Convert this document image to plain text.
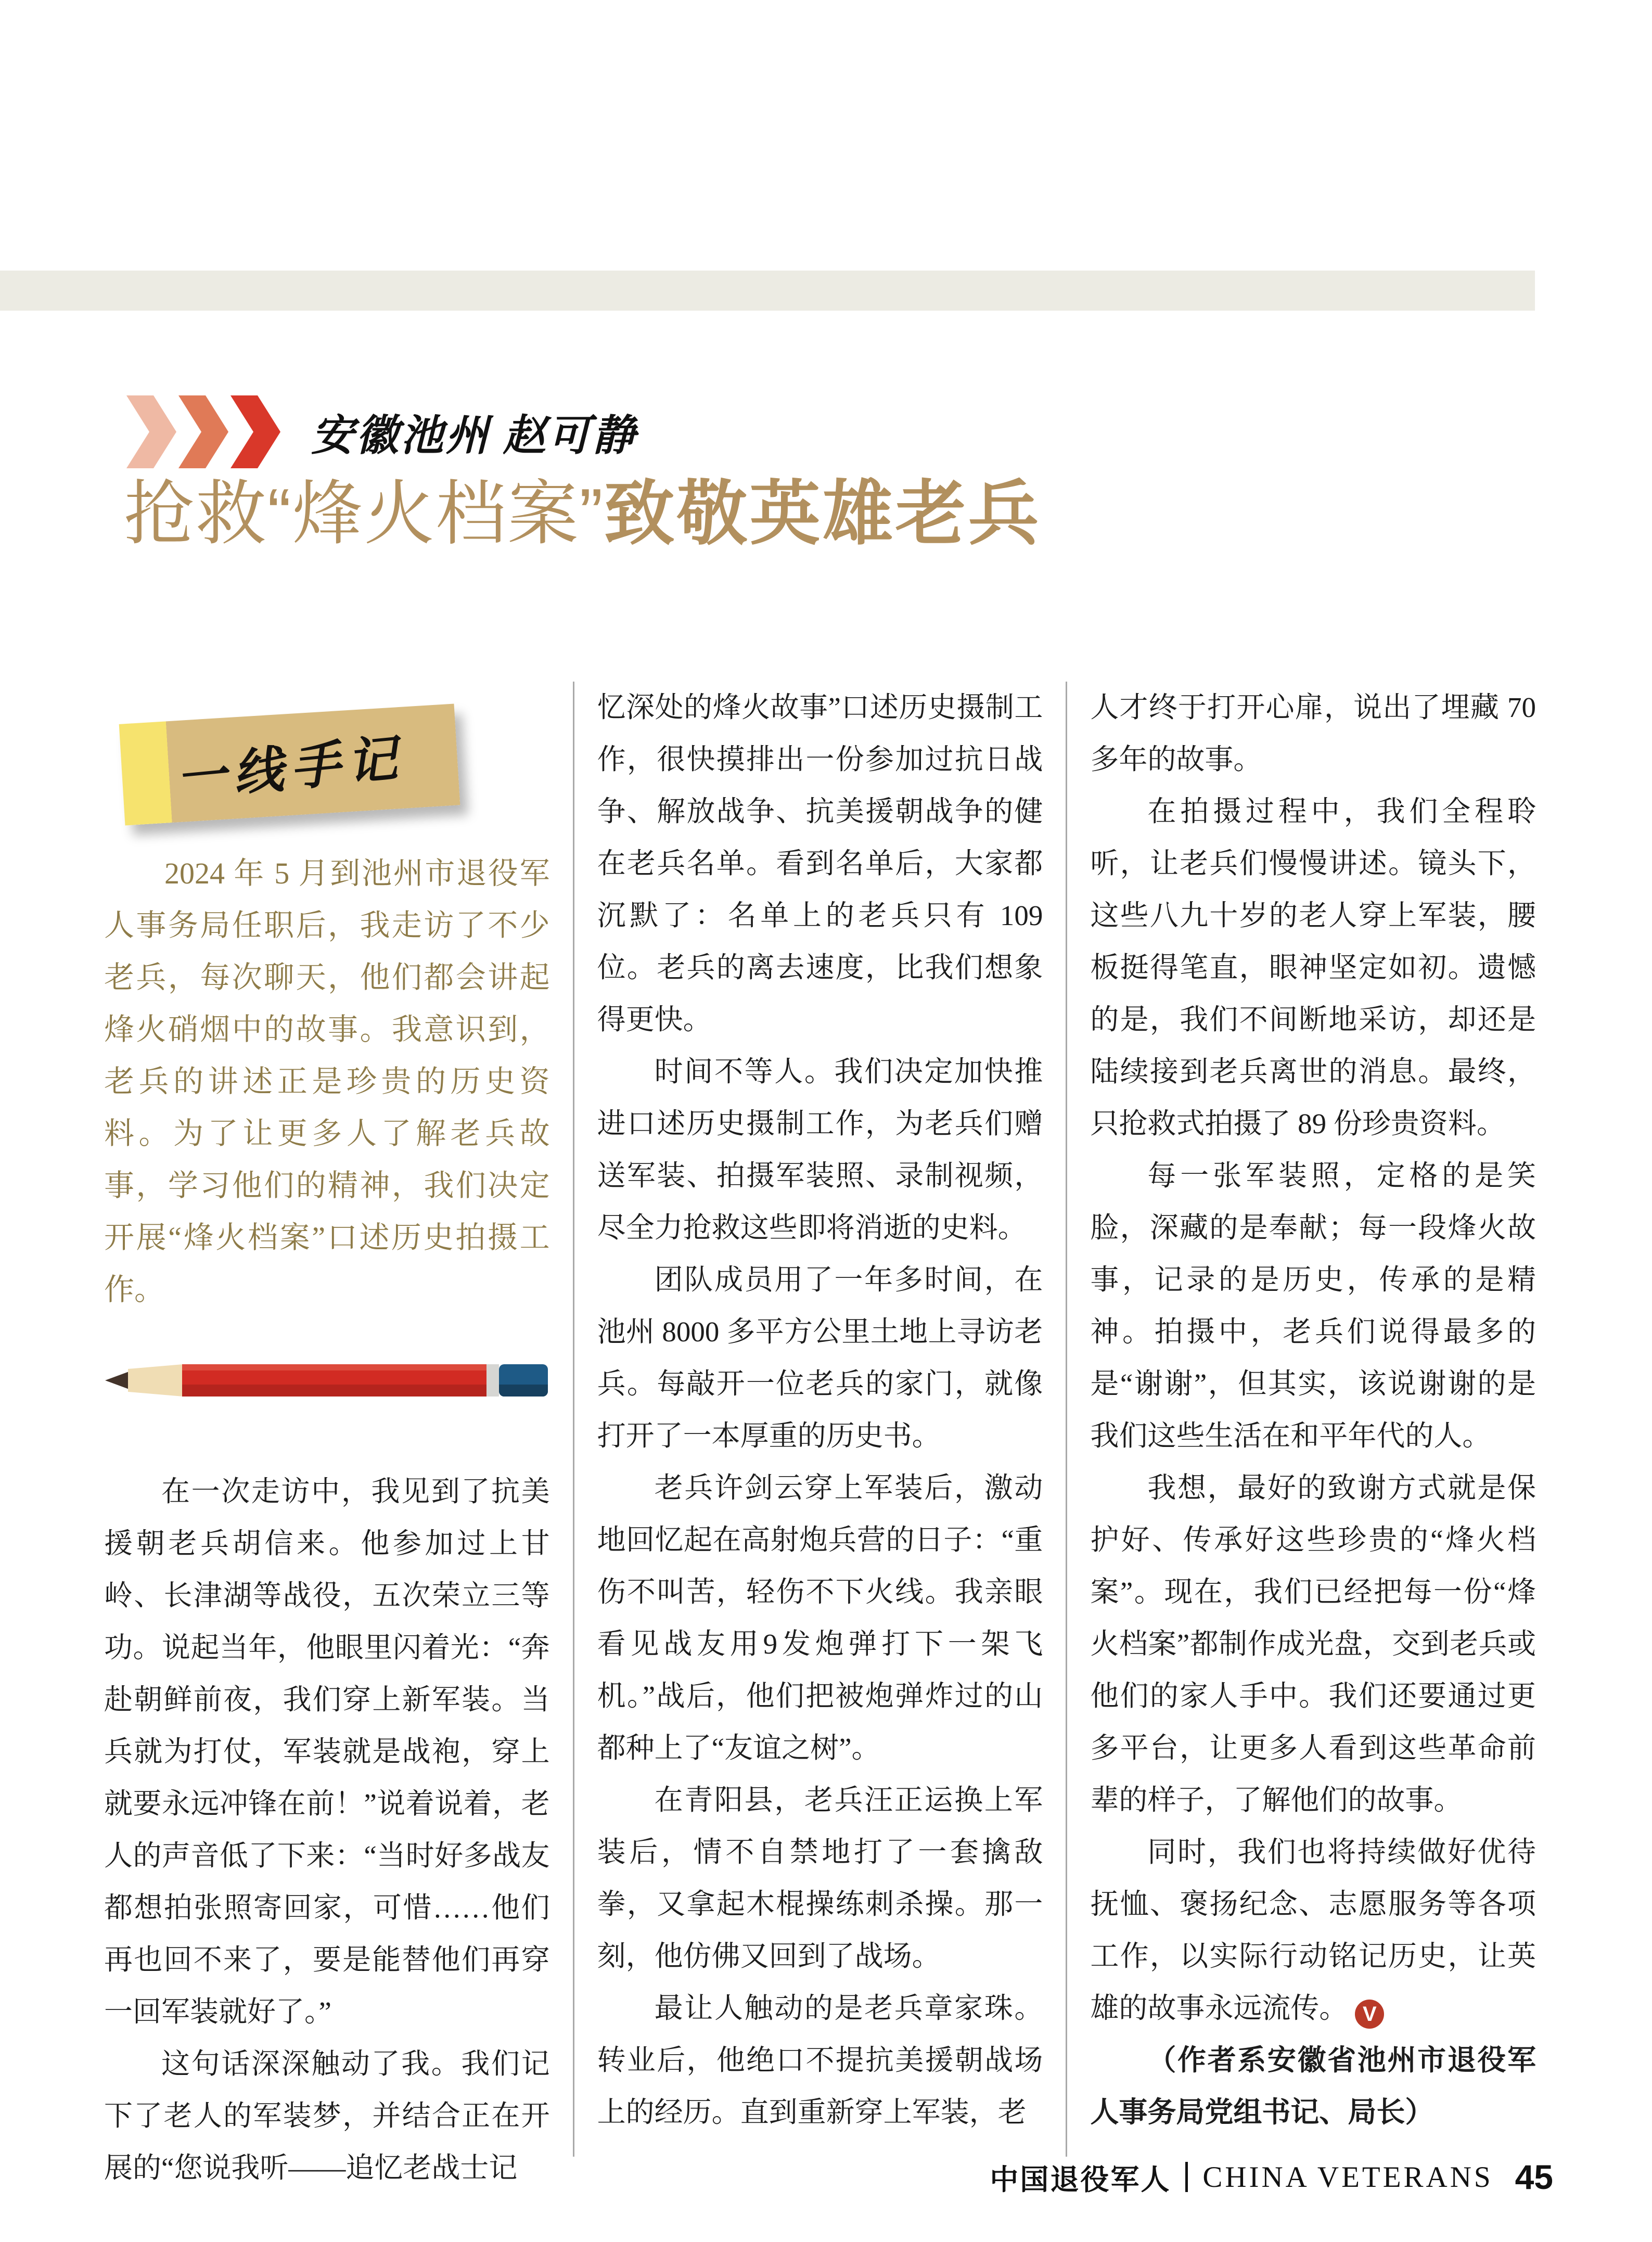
安徽池州 赵可静
抢救“烽火档案”致敬英雄老兵
一线手记

2024 年 5 月到池州市退役军人事务局任职后，我走访了不少老兵，每次聊天，他们都会讲起烽火硝烟中的故事。我意识到，老兵的讲述正是珍贵的历史资料。为了让更多人了解老兵故事，学习他们的精神，我们决定开展“烽火档案”口述历史拍摄工作。

在一次走访中，我见到了抗美援朝老兵胡信来。他参加过上甘岭、长津湖等战役，五次荣立三等功。说起当年，他眼里闪着光：“奔赴朝鲜前夜，我们穿上新军装。当兵就为打仗，军装就是战袍，穿上就要永远冲锋在前！”说着说着，老人的声音低了下来：“当时好多战友都想拍张照寄回家，可惜……他们再也回不来了，要是能替他们再穿一回军装就好了。”

这句话深深触动了我。我们记下了老人的军装梦，并结合正在开展的“您说我听——追忆老战士记

忆深处的烽火故事”口述历史摄制工作，很快摸排出一份参加过抗日战争、解放战争、抗美援朝战争的健在老兵名单。看到名单后，大家都沉默了：名单上的老兵只有 109 位。老兵的离去速度，比我们想象得更快。

时间不等人。我们决定加快推进口述历史摄制工作，为老兵们赠送军装、拍摄军装照、录制视频，尽全力抢救这些即将消逝的史料。

团队成员用了一年多时间，在池州 8000 多平方公里土地上寻访老兵。每敲开一位老兵的家门，就像打开了一本厚重的历史书。

老兵许剑云穿上军装后，激动地回忆起在高射炮兵营的日子：“重伤不叫苦，轻伤不下火线。我亲眼看见战友用9发炮弹打下一架飞机。”战后，他们把被炮弹炸过的山都种上了“友谊之树”。

在青阳县，老兵汪正运换上军装后，情不自禁地打了一套擒敌拳，又拿起木棍操练刺杀操。那一刻，他仿佛又回到了战场。

最让人触动的是老兵章家珠。转业后，他绝口不提抗美援朝战场上的经历。直到重新穿上军装，老

人才终于打开心扉，说出了埋藏 70 多年的故事。

在拍摄过程中，我们全程聆听，让老兵们慢慢讲述。镜头下，这些八九十岁的老人穿上军装，腰板挺得笔直，眼神坚定如初。遗憾的是，我们不间断地采访，却还是陆续接到老兵离世的消息。最终，只抢救式拍摄了 89 份珍贵资料。

每一张军装照，定格的是笑脸，深藏的是奉献；每一段烽火故事，记录的是历史，传承的是精神。拍摄中，老兵们说得最多的是“谢谢”，但其实，该说谢谢的是我们这些生活在和平年代的人。

我想，最好的致谢方式就是保护好、传承好这些珍贵的“烽火档案”。现在，我们已经把每一份“烽火档案”都制作成光盘，交到老兵或他们的家人手中。我们还要通过更多平台，让更多人看到这些革命前辈的样子，了解他们的故事。

同时，我们也将持续做好优待抚恤、褒扬纪念、志愿服务等各项工作，以实际行动铭记历史，让英雄的故事永远流传。 V

（作者系安徽省池州市退役军人事务局党组书记、局长）

中国退役军人 CHINA VETERANS 45
